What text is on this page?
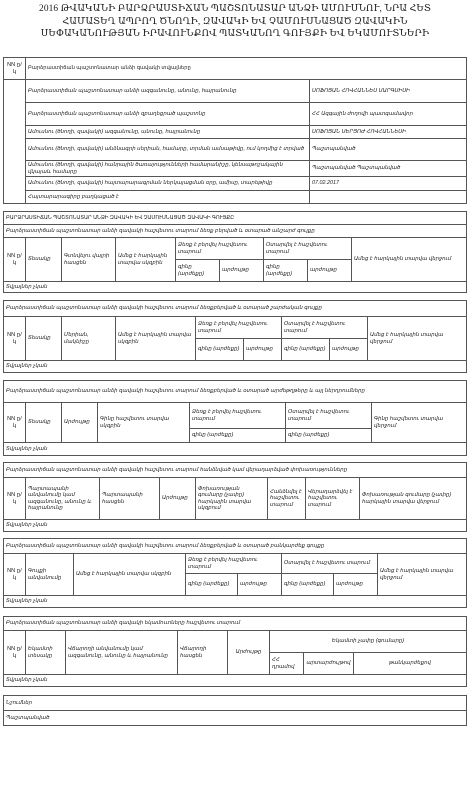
2016 ԹՎԱԿԱՆԻ ԲԱՐՁՐԱՍՏԻՃԱՆ ՊԱՇՏՈՆԱՏԱՐ ԱՆՁԻ ԱՄՈՒՍՆՈՒ, ՆՐԱ ՀԵՏ
ՀԱՄԱՏԵՂ ԱՊՐՈՂ ԾՆՈՂԻ, ԶԱՎԱԿԻ ԵՎ ՉԱՄՈՒՍՆԱՑԱԾ ԶԱՎԱԿԻՆ
ՍԵՓԱԿԱՆՈՒԹՅԱՆ ԻՐԱՎՈՒՆՔՈՎ ՊԱՏԿԱՆՈՂ ԳՈՒՅՔԻ ԵՎ ԵԿԱՄՈՒՏՆԵՐԻ
NN ը/կ	Բարձրաստիճան պաշտոնատար անձի զավակի տվյալները	
	Բարձրաստիճան պաշտոնատար անձի ազգանունը, անունը, հայրանունը	ՍՈՖՈՅԱՆ ՀՈՎՀԱՆՆԵՍ ՍԱՐԳՍԻՍԻ
	Բարձրաստիճան պաշտոնատար անձի զբաղեցրած պաշտոնը	ՀՀ Ազգային ժողովի պատգամավոր
	Ամուսնու (ծնողի, զավակի) ազգանունը, անունը, հայրանունը	ՍՈՖՈՅԱՆ ՍԵՐՅՈԺ ՀՈՎՀԱՆՆԵՍԻ
	Ամուսնու (ծնողի, զավակի) անձնագրի սերիան, համարը, տրման ամսաթիվը, ում կողմից է տրված	Պաշտպանված
	Ամուսնու (ծնողի, զավակի) հանրային ծառայությունների համարանիշը, կենսաթոշակային վկայաև համարը	Պաշտպանված Պաշտպանված
	Ամուսնու (ծնողի, զավակի) հայտարարագրման ներկայացման օրը, ամիսը, տարեթիվը	07.02.2017
	Հայտարարագիրը բաղկացած է	
ԲԱՐՁՐԱՍՏԻՃԱՆ ՊԱՇՏՈՆԱՏԱՐ ԱՆՁԻ ԶԱՎԱԿԻ ԵՎ ՉԱՄՈՒՍՆԱՑԱԾ ԶԱՎԱԿԻ ԳՈՒՅՔԸ								
Բարձրաստիճան պաշտոնատար անձի զավակի հաշվետու տարում ձեռք բերված և օտարած անշարժ գույքը								
NN ը/կ	Տեսակը	Գտնվելու վայրի հասցեն	Ամեց է հարկային տարվա սկզբին	Ձեռք է բերվել հաշվետու տարում		Օտարվել է հաշվետու տարում		Ամեց է հարկային տարվա վերջում
				գինը (արժեքը)	արժույթը	գինը (արժեքը)	արժույթը	
Տվյալներ չկան								
Բարձրաստիճան պաշտոնատար անձի զավակի հաշվետու տարում ձեռքբերված և օտարած շարժական գույքը								
NN ը/կ	Տեսակը	Մերիան, մակնիշը	Ամեց է հարկային տարվա սկզբին	Ձեռք է բերվել հաշվետու տարում		Օտարվել է հաշվետու տարում		Ամեց է հարկային տարվա վերջում
				գինը (արժեքը)	արժույթը	գինը (արժեքը)	արժույթը	
Տվյալներ չկան								
Բարձրաստիճան պաշտոնատար անձի զավակի հաշվետու տարում ձեռքբերված և օտարած արժեթղթերը և այլ ներդրումները						
NN ը/կ	Տեսակը	Արժույթը	Գինը հաշվետու տարվա սկզբին	Ձեռք է բերվել հաշվետու տարում	Օտարվել է հաշվետու տարում	Գինը հաշվետու տարվա վերջում
				գինը (արժեքը)	գինը (արժեքը)	
Տվյալներ չկան						
Բարձրաստիճան պաշտոնատար անձի զավակի հաշվետու տարում հանձնված կամ վերադարձված փոխառությունները
NN ը/կ	Պարտապանի անվանումը կամ ազգանունը, անունը և հայրանունը	Պարտապանի հասցեն	Արժույթը	Փոխառության գումարը (չափը) հարկային տարվա սկզբում	Հանձնվել է հաշվետու տարում	Վերադարձվել է հաշվետու տարում	Փոխառության գումարը (չափը) հարկային տարվա վերջում
Տվյալներ չկան
Բարձրաստիճան պաշտոնատար անձի զավակի հաշվետու տարում ձեռքբերված և օտարած բանկարժեք գույքը							
NN ը/կ	Գույքի անվանումը	Ամեց է հարկային տարվա սկզբին	Ձեռք է բերվել հաշվետու տարում		Օտարվել է հաշվետու տարում		Ամեց է հարկային տարվա վերջում
			գինը (արժեքը)	արժույթը	գինը (արժեքը)	արժույթը	
Տվյալներ չկան							
Բարձրաստիճան պաշտոնատար անձի զավակի եկամուտները հաշվետու տարում							
NN ը/կ	Եկամտի տեսակը	Վճարողի անվանումը կամ ազգանունը, անունը և հայրանունը	Վճարողի հասցեն	Արժույթը	Եկամտի չափը (գումարը)		
					ՀՀ դրամով	արտարժույթով	թանկարժեքով
Տվյալներ չկան							
Նշումներ
Պաշտպանված
